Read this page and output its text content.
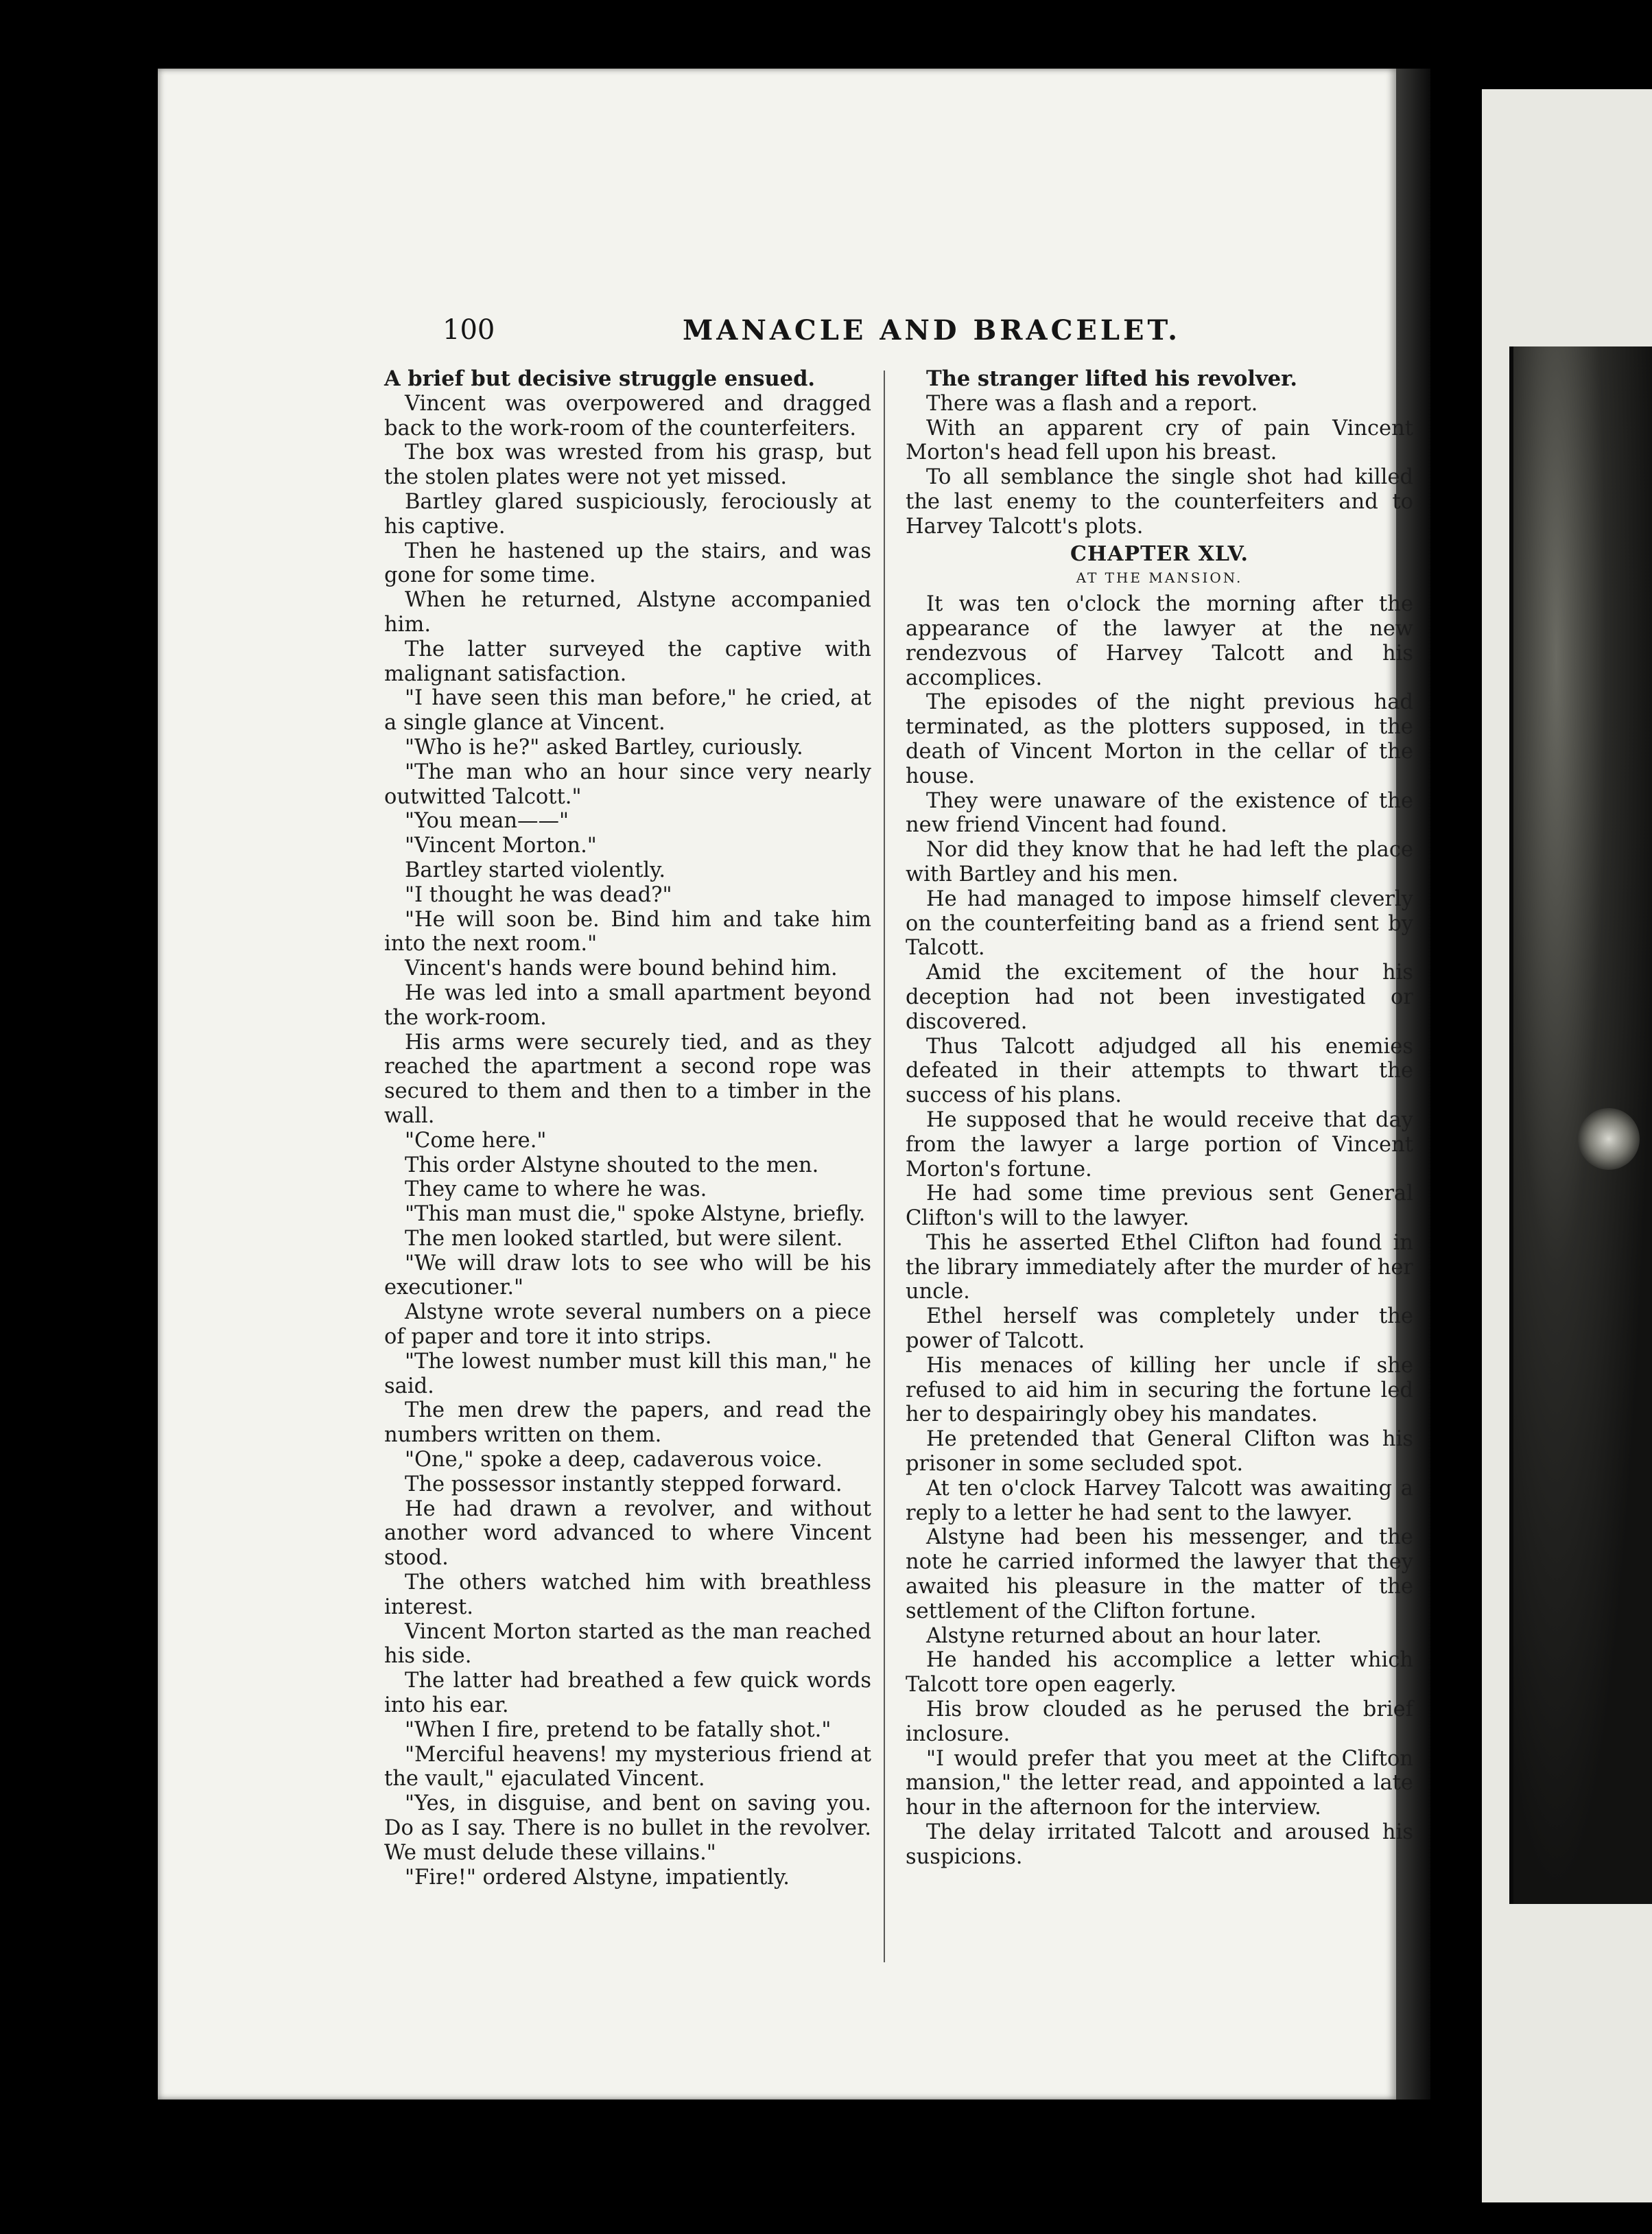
100	MANACLE AND BRACELET.

A brief but decisive struggle ensued.

Vincent was overpowered and dragged back to the work-room of the counterfeiters.

The box was wrested from his grasp, but the stolen plates were not yet missed.

Bartley glared suspiciously, ferociously at his captive.

Then he hastened up the stairs, and was gone for some time.

When he returned, Alstyne accompanied him.

The latter surveyed the captive with malignant satisfaction.

"I have seen this man before," he cried, at a single glance at Vincent.

"Who is he?" asked Bartley, curiously.

"The man who an hour since very nearly outwitted Talcott."

"You mean——"

"Vincent Morton."

Bartley started violently.

"I thought he was dead?"

"He will soon be. Bind him and take him into the next room."

Vincent's hands were bound behind him.

He was led into a small apartment beyond the work-room.

His arms were securely tied, and as they reached the apartment a second rope was secured to them and then to a timber in the wall.

"Come here."

This order Alstyne shouted to the men.

They came to where he was.

"This man must die," spoke Alstyne, briefly.

The men looked startled, but were silent.

"We will draw lots to see who will be his executioner."

Alstyne wrote several numbers on a piece of paper and tore it into strips.

"The lowest number must kill this man," he said.

The men drew the papers, and read the numbers written on them.

"One," spoke a deep, cadaverous voice.

The possessor instantly stepped forward.

He had drawn a revolver, and without another word advanced to where Vincent stood.

The others watched him with breathless interest.

Vincent Morton started as the man reached his side.

The latter had breathed a few quick words into his ear.

"When I fire, pretend to be fatally shot."

"Merciful heavens! my mysterious friend at the vault," ejaculated Vincent.

"Yes, in disguise, and bent on saving you. Do as I say. There is no bullet in the revolver. We must delude these villains."

"Fire!" ordered Alstyne, impatiently.

The stranger lifted his revolver.

There was a flash and a report.

With an apparent cry of pain Vincent Morton's head fell upon his breast.

To all semblance the single shot had killed the last enemy to the counterfeiters and to Harvey Talcott's plots.

CHAPTER XLV.
AT THE MANSION.

It was ten o'clock the morning after the appearance of the lawyer at the new rendezvous of Harvey Talcott and his accomplices.

The episodes of the night previous had terminated, as the plotters supposed, in the death of Vincent Morton in the cellar of the house.

They were unaware of the existence of the new friend Vincent had found.

Nor did they know that he had left the place with Bartley and his men.

He had managed to impose himself cleverly on the counterfeiting band as a friend sent by Talcott.

Amid the excitement of the hour his deception had not been investigated or discovered.

Thus Talcott adjudged all his enemies defeated in their attempts to thwart the success of his plans.

He supposed that he would receive that day from the lawyer a large portion of Vincent Morton's fortune.

He had some time previous sent General Clifton's will to the lawyer.

This he asserted Ethel Clifton had found in the library immediately after the murder of her uncle.

Ethel herself was completely under the power of Talcott.

His menaces of killing her uncle if she refused to aid him in securing the fortune led her to despairingly obey his mandates.

He pretended that General Clifton was his prisoner in some secluded spot.

At ten o'clock Harvey Talcott was awaiting a reply to a letter he had sent to the lawyer.

Alstyne had been his messenger, and the note he carried informed the lawyer that they awaited his pleasure in the matter of the settlement of the Clifton fortune.

Alstyne returned about an hour later.

He handed his accomplice a letter which Talcott tore open eagerly.

His brow clouded as he perused the brief inclosure.

"I would prefer that you meet at the Clifton mansion," the letter read, and appointed a late hour in the afternoon for the interview.

The delay irritated Talcott and aroused his suspicions.
